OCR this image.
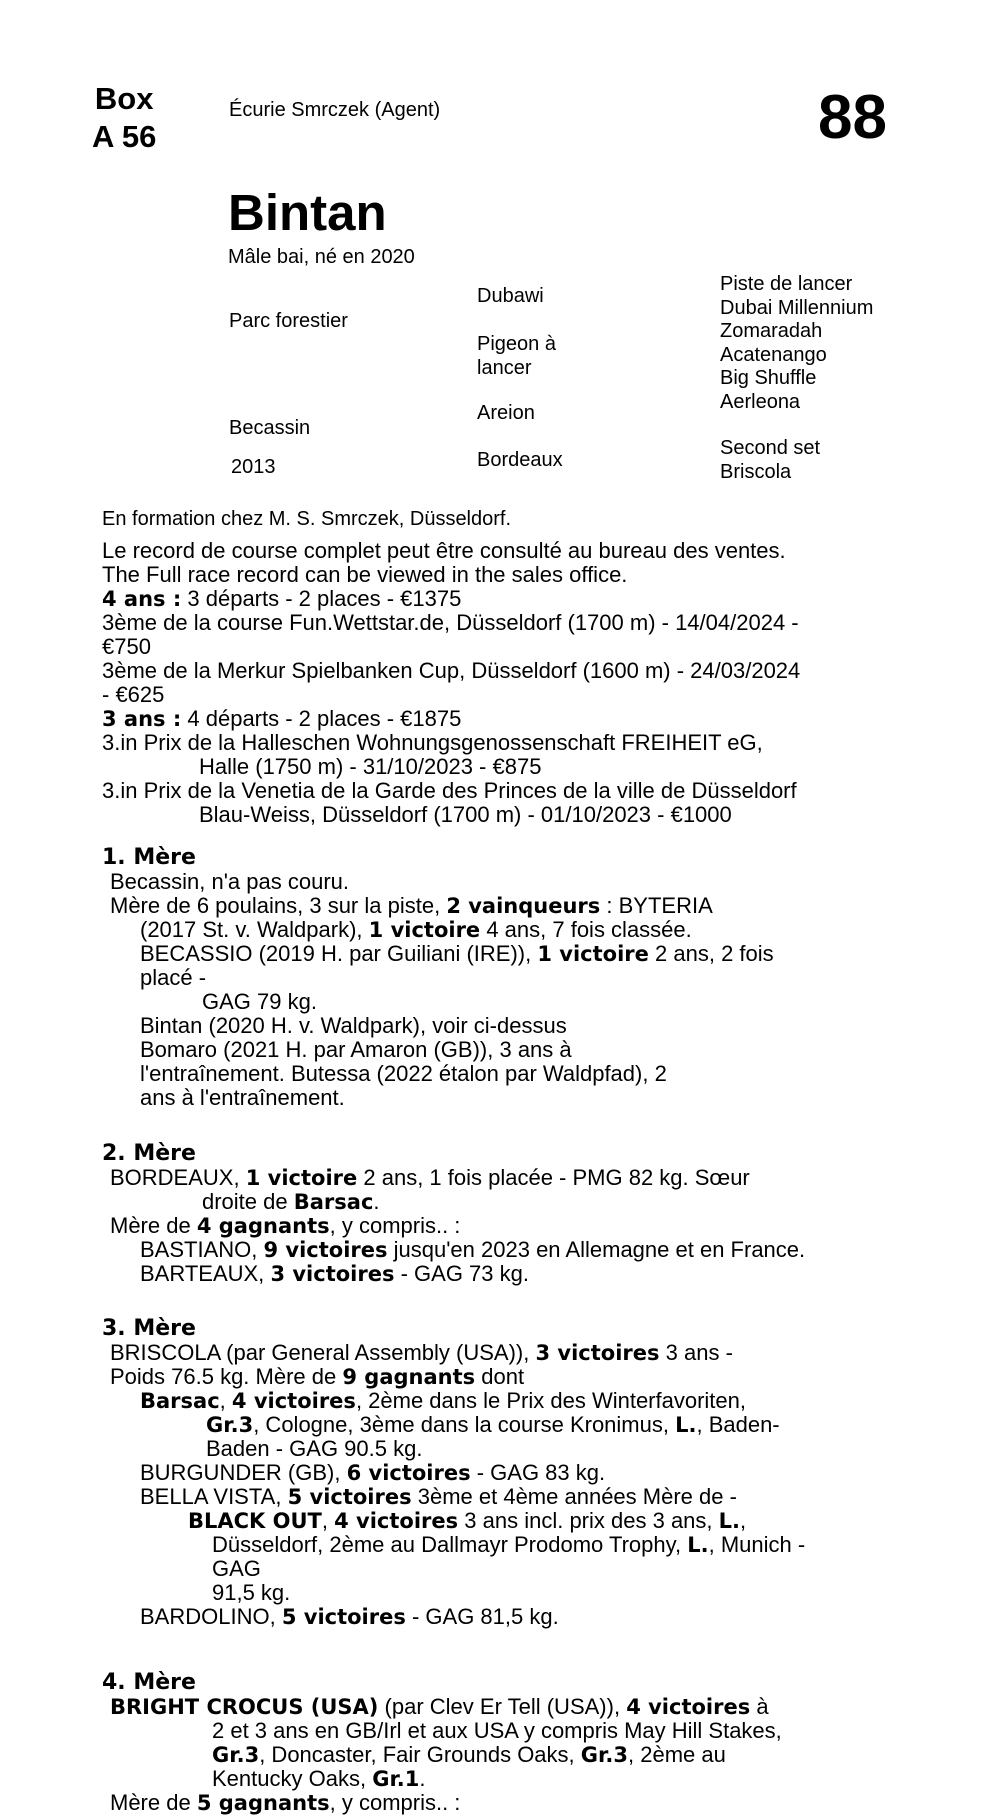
Box
A 56
Écurie Smrczek (Agent)	88
Bintan
Mâle bai, né en 2020
Parc forestier
Becassin
2013
Dubawi
Pigeon à lancer
Areion
Bordeaux
Piste de lancer
Dubai Millennium
Zomaradah
Acatenango
Big Shuffle
Aerleona
Second set
Briscola
En formation chez M. S. Smrczek, Düsseldorf.

Le record de course complet peut être consulté au bureau des ventes.

The Full race record can be viewed in the sales office.

4 ans : 3 départs - 2 places - €1375

3ème de la course Fun.Wettstar.de, Düsseldorf (1700 m) - 14/04/2024 -

€750

3ème de la Merkur Spielbanken Cup, Düsseldorf (1600 m) - 24/03/2024

- €625

3 ans : 4 départs - 2 places - €1875

3.in Prix de la Halleschen Wohnungsgenossenschaft FREIHEIT eG,

Halle (1750 m) - 31/10/2023 - €875

3.in Prix de la Venetia de la Garde des Princes de la ville de Düsseldorf

Blau-Weiss, Düsseldorf (1700 m) - 01/10/2023 - €1000

1. Mère

Becassin, n'a pas couru.

Mère de 6 poulains, 3 sur la piste, 2 vainqueurs : BYTERIA

(2017 St. v. Waldpark), 1 victoire 4 ans, 7 fois classée.

BECASSIO (2019 H. par Guiliani (IRE)), 1 victoire 2 ans, 2 fois

placé -

GAG 79 kg.

Bintan (2020 H. v. Waldpark), voir ci-dessus

Bomaro (2021 H. par Amaron (GB)), 3 ans à

l'entraînement. Butessa (2022 étalon par Waldpfad), 2

ans à l'entraînement.

2. Mère

BORDEAUX, 1 victoire 2 ans, 1 fois placée - PMG 82 kg. Sœur

droite de Barsac.

Mère de 4 gagnants, y compris.. :

BASTIANO, 9 victoires jusqu'en 2023 en Allemagne et en France.

BARTEAUX, 3 victoires - GAG 73 kg.

3. Mère

BRISCOLA (par General Assembly (USA)), 3 victoires 3 ans -

Poids 76.5 kg. Mère de 9 gagnants dont

Barsac, 4 victoires, 2ème dans le Prix des Winterfavoriten,

Gr.3, Cologne, 3ème dans la course Kronimus, L., Baden-

Baden - GAG 90.5 kg.

BURGUNDER (GB), 6 victoires - GAG 83 kg.

BELLA VISTA, 5 victoires 3ème et 4ème années Mère de -

BLACK OUT, 4 victoires 3 ans incl. prix des 3 ans, L.,

Düsseldorf, 2ème au Dallmayr Prodomo Trophy, L., Munich -

GAG

91,5 kg.

BARDOLINO, 5 victoires - GAG 81,5 kg.

4. Mère

BRIGHT CROCUS (USA) (par Clev Er Tell (USA)), 4 victoires à

2 et 3 ans en GB/Irl et aux USA y compris May Hill Stakes,

Gr.3, Doncaster, Fair Grounds Oaks, Gr.3, 2ème au

Kentucky Oaks, Gr.1.

Mère de 5 gagnants, y compris.. :
